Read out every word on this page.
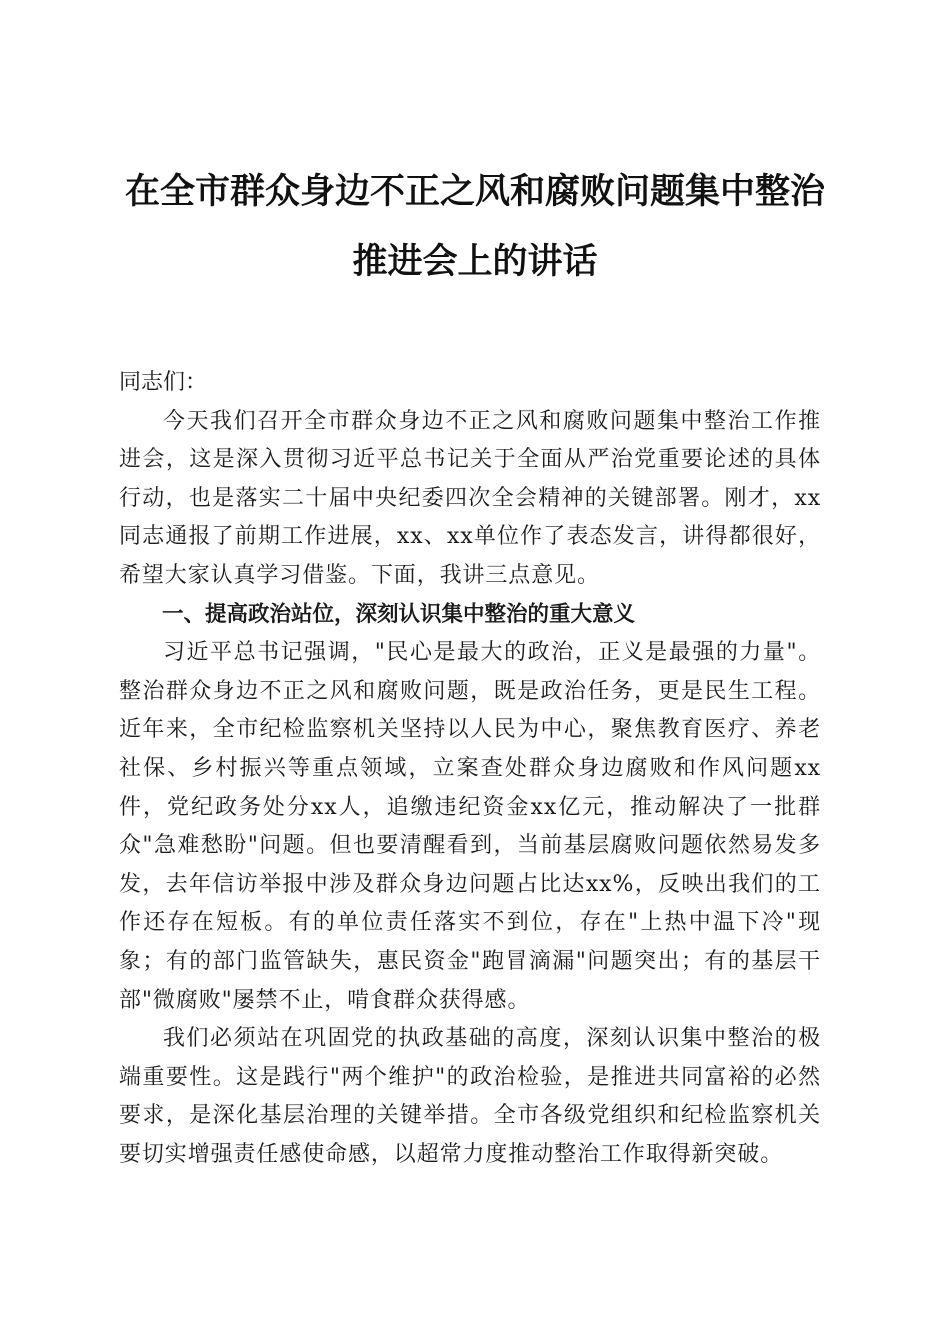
在全市群众身边不正之风和腐败问题集中整治
推进会上的讲话

同志们：

今天我们召开全市群众身边不正之风和腐败问题集中整治工作推进会，这是深入贯彻习近平总书记关于全面从严治党重要论述的具体行动，也是落实二十届中央纪委四次全会精神的关键部署。刚才，xx同志通报了前期工作进展，xx、xx单位作了表态发言，讲得都很好，希望大家认真学习借鉴。下面，我讲三点意见。

一、提高政治站位，深刻认识集中整治的重大意义

习近平总书记强调，"民心是最大的政治，正义是最强的力量"。整治群众身边不正之风和腐败问题，既是政治任务，更是民生工程。近年来，全市纪检监察机关坚持以人民为中心，聚焦教育医疗、养老社保、乡村振兴等重点领域，立案查处群众身边腐败和作风问题xx件，党纪政务处分xx人，追缴违纪资金xx亿元，推动解决了一批群众"急难愁盼"问题。但也要清醒看到，当前基层腐败问题依然易发多发，去年信访举报中涉及群众身边问题占比达xx%，反映出我们的工作还存在短板。有的单位责任落实不到位，存在"上热中温下冷"现象；有的部门监管缺失，惠民资金"跑冒滴漏"问题突出；有的基层干部"微腐败"屡禁不止，啃食群众获得感。

我们必须站在巩固党的执政基础的高度，深刻认识集中整治的极端重要性。这是践行"两个维护"的政治检验，是推进共同富裕的必然要求，是深化基层治理的关键举措。全市各级党组织和纪检监察机关要切实增强责任感使命感，以超常力度推动整治工作取得新突破。
